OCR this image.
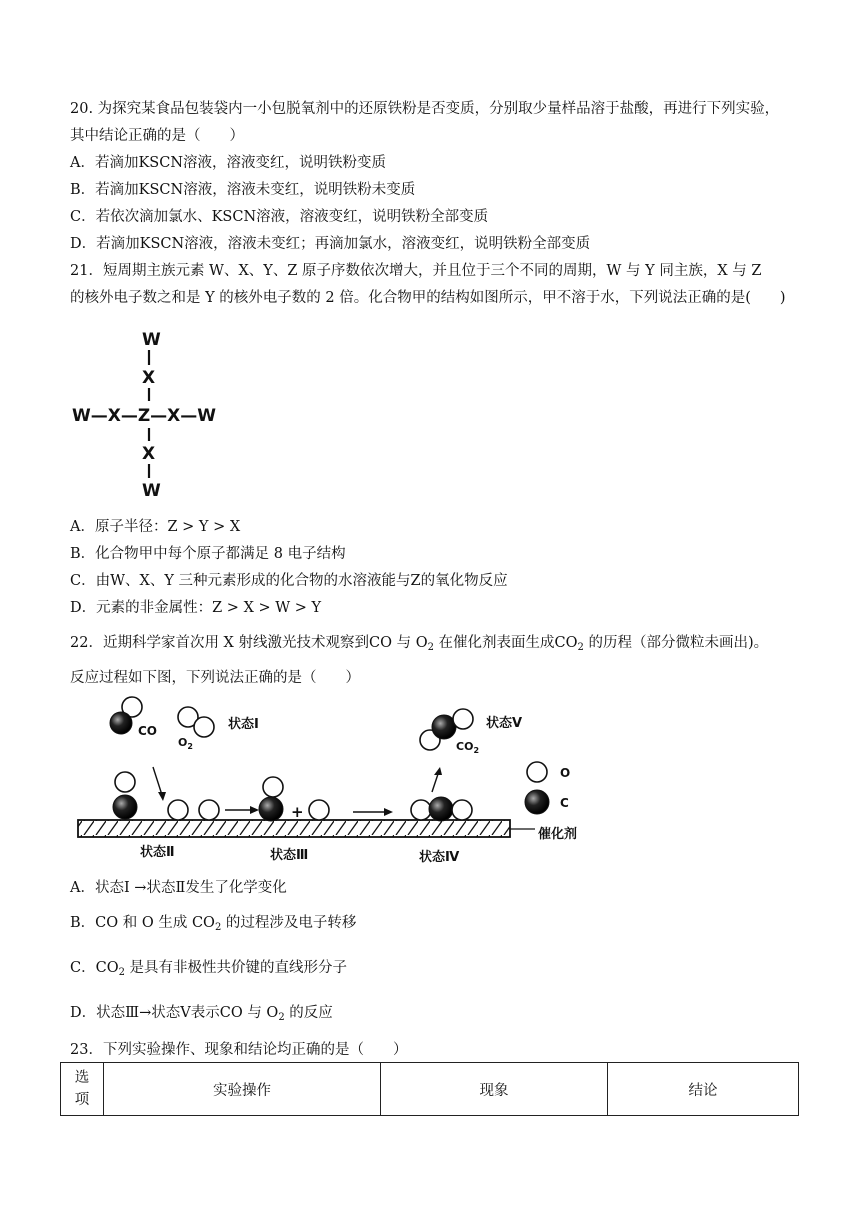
20. 为探究某食品包装袋内一小包脱氧剂中的还原铁粉是否变质，分别取少量样品溶于盐酸，再进行下列实验，
其中结论正确的是（　　）
A．若滴加KSCN溶液，溶液变红，说明铁粉变质
B．若滴加KSCN溶液，溶液未变红，说明铁粉未变质
C．若依次滴加氯水、KSCN溶液，溶液变红，说明铁粉全部变质
D．若滴加KSCN溶液，溶液未变红；再滴加氯水，溶液变红，说明铁粉全部变质
21．短周期主族元素 W、X、Y、Z 原子序数依次增大，并且位于三个不同的周期，W 与 Y 同主族，X 与 Z
的核外电子数之和是 Y 的核外电子数的 2 倍。化合物甲的结构如图所示，甲不溶于水，下列说法正确的是(　　)
W
X
W—X—Z—X—W
X
W
A．原子半径：Z > Y > X
B．化合物甲中每个原子都满足 8 电子结构
C．由W、X、Y 三种元素形成的化合物的水溶液能与Z的氧化物反应
D．元素的非金属性：Z > X > W > Y
22．近期科学家首次用 X 射线激光技术观察到CO 与 $O_2$ 在催化剂表面生成$CO_2$ 的历程（部分微粒未画出)。
反应过程如下图，下列说法正确的是（　　）
催化剂
CO
$O_2$
状态Ⅰ
状态Ⅱ
+
状态Ⅲ	状态Ⅳ
$CO_2$
状态Ⅴ
O
C
A．状态Ⅰ →状态Ⅱ发生了化学变化
B．CO 和 O 生成 $CO_2$ 的过程涉及电子转移
C．$CO_2$ 是具有非极性共价键的直线形分子
D．状态Ⅲ→状态Ⅴ表示CO 与 $O_2$ 的反应
23．下列实验操作、现象和结论均正确的是（　　）
选
项
	实验操作	现象	结论
